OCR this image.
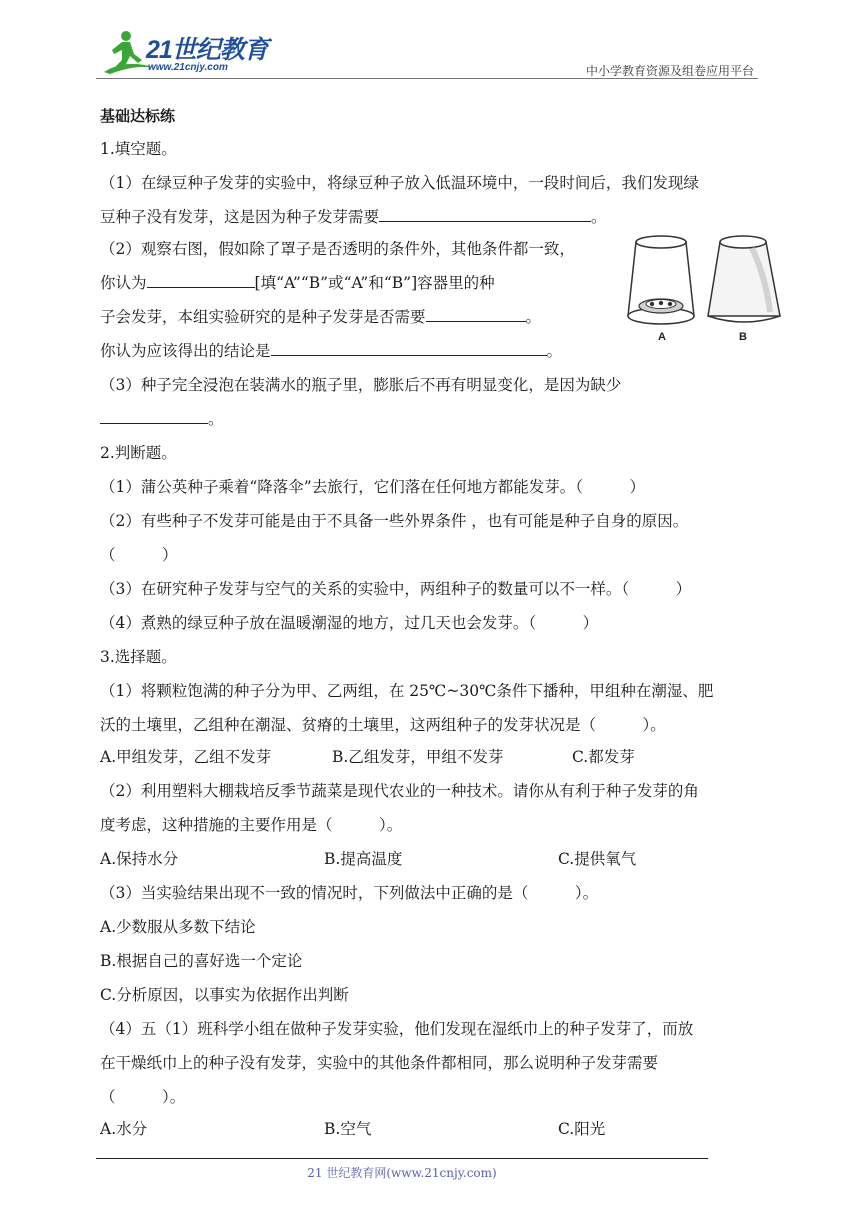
21世纪教育
www.21cnjy.com	中小学教育资源及组卷应用平台
基础达标练
1.填空题。
（1）在绿豆种子发芽的实验中，将绿豆种子放入低温环境中，一段时间后，我们发现绿
豆种子没有发芽，这是因为种子发芽需要	。
（2）观察右图，假如除了罩子是否透明的条件外，其他条件都一致，
你认为	[填“A”“B”或“A”和“B”]容器里的种
子会发芽，本组实验研究的是种子发芽是否需要	。
你认为应该得出的结论是	。
（3）种子完全浸泡在装满水的瓶子里，膨胀后不再有明显变化，是因为缺少
。
2.判断题。
（1）蒲公英种子乘着“降落伞”去旅行，它们落在任何地方都能发芽。（　　　）
（2）有些种子不发芽可能是由于不具备一些外界条件 ，也有可能是种子自身的原因。
（　　　）
（3）在研究种子发芽与空气的关系的实验中，两组种子的数量可以不一样。（　　　）
（4）煮熟的绿豆种子放在温暖潮湿的地方，过几天也会发芽。（　　　）
3.选择题。
（1）将颗粒饱满的种子分为甲、乙两组，在 25℃~30℃条件下播种，甲组种在潮湿、肥
沃的土壤里，乙组种在潮湿、贫瘠的土壤里，这两组种子的发芽状况是（　　　）。
A.甲组发芽，乙组不发芽	B.乙组发芽，甲组不发芽	C.都发芽
（2）利用塑料大棚栽培反季节蔬菜是现代农业的一种技术。请你从有利于种子发芽的角
度考虑，这种措施的主要作用是（　　　）。
A.保持水分	B.提高温度	C.提供氧气
（3）当实验结果出现不一致的情况时，下列做法中正确的是（　　　）。
A.少数服从多数下结论
B.根据自己的喜好选一个定论
C.分析原因，以事实为依据作出判断
（4）五（1）班科学小组在做种子发芽实验，他们发现在湿纸巾上的种子发芽了，而放
在干燥纸巾上的种子没有发芽，实验中的其他条件都相同，那么说明种子发芽需要
（　　　）。
A.水分	B.空气	C.阳光
A	B
21 世纪教育网(www.21cnjy.com)
